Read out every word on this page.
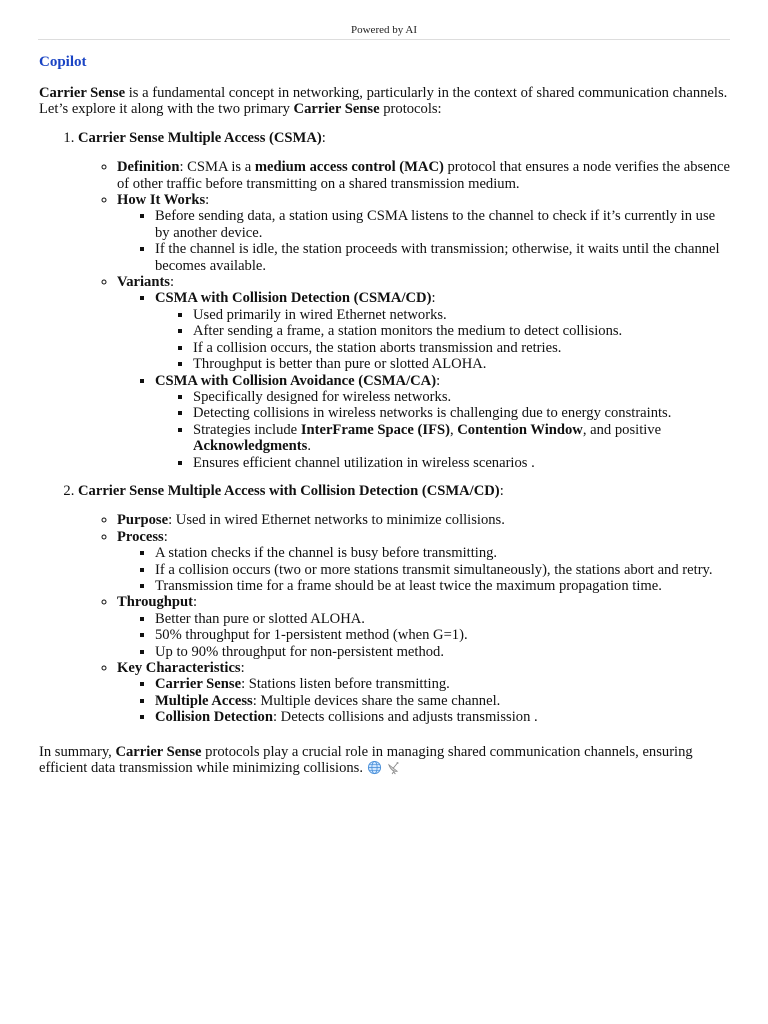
Powered by AI
Copilot

Carrier Sense is a fundamental concept in networking, particularly in the context of shared communication channels. Let’s explore it along with the two primary Carrier Sense protocols:

1. Carrier Sense Multiple Access (CSMA):
◦ Definition: CSMA is a medium access control (MAC) protocol that ensures a node verifies the absence of other traffic before transmitting on a shared transmission medium.
◦ How It Works:
▪ Before sending data, a station using CSMA listens to the channel to check if it’s currently in use by another device.
▪ If the channel is idle, the station proceeds with transmission; otherwise, it waits until the channel becomes available.
◦ Variants:
▪ CSMA with Collision Detection (CSMA/CD):
▪ Used primarily in wired Ethernet networks.
▪ After sending a frame, a station monitors the medium to detect collisions.
▪ If a collision occurs, the station aborts transmission and retries.
▪ Throughput is better than pure or slotted ALOHA.
▪ CSMA with Collision Avoidance (CSMA/CA):
▪ Specifically designed for wireless networks.
▪ Detecting collisions in wireless networks is challenging due to energy constraints.
▪ Strategies include InterFrame Space (IFS), Contention Window, and positive Acknowledgments.
▪ Ensures efficient channel utilization in wireless scenarios .
2. Carrier Sense Multiple Access with Collision Detection (CSMA/CD):
◦ Purpose: Used in wired Ethernet networks to minimize collisions.
◦ Process:
▪ A station checks if the channel is busy before transmitting.
▪ If a collision occurs (two or more stations transmit simultaneously), the stations abort and retry.
▪ Transmission time for a frame should be at least twice the maximum propagation time.
◦ Throughput:
▪ Better than pure or slotted ALOHA.
▪ 50% throughput for 1-persistent method (when G=1).
▪ Up to 90% throughput for non-persistent method.
◦ Key Characteristics:
▪ Carrier Sense: Stations listen before transmitting.
▪ Multiple Access: Multiple devices share the same channel.
▪ Collision Detection: Detects collisions and adjusts transmission .

In summary, Carrier Sense protocols play a crucial role in managing shared communication channels, ensuring efficient data transmission while minimizing collisions.
